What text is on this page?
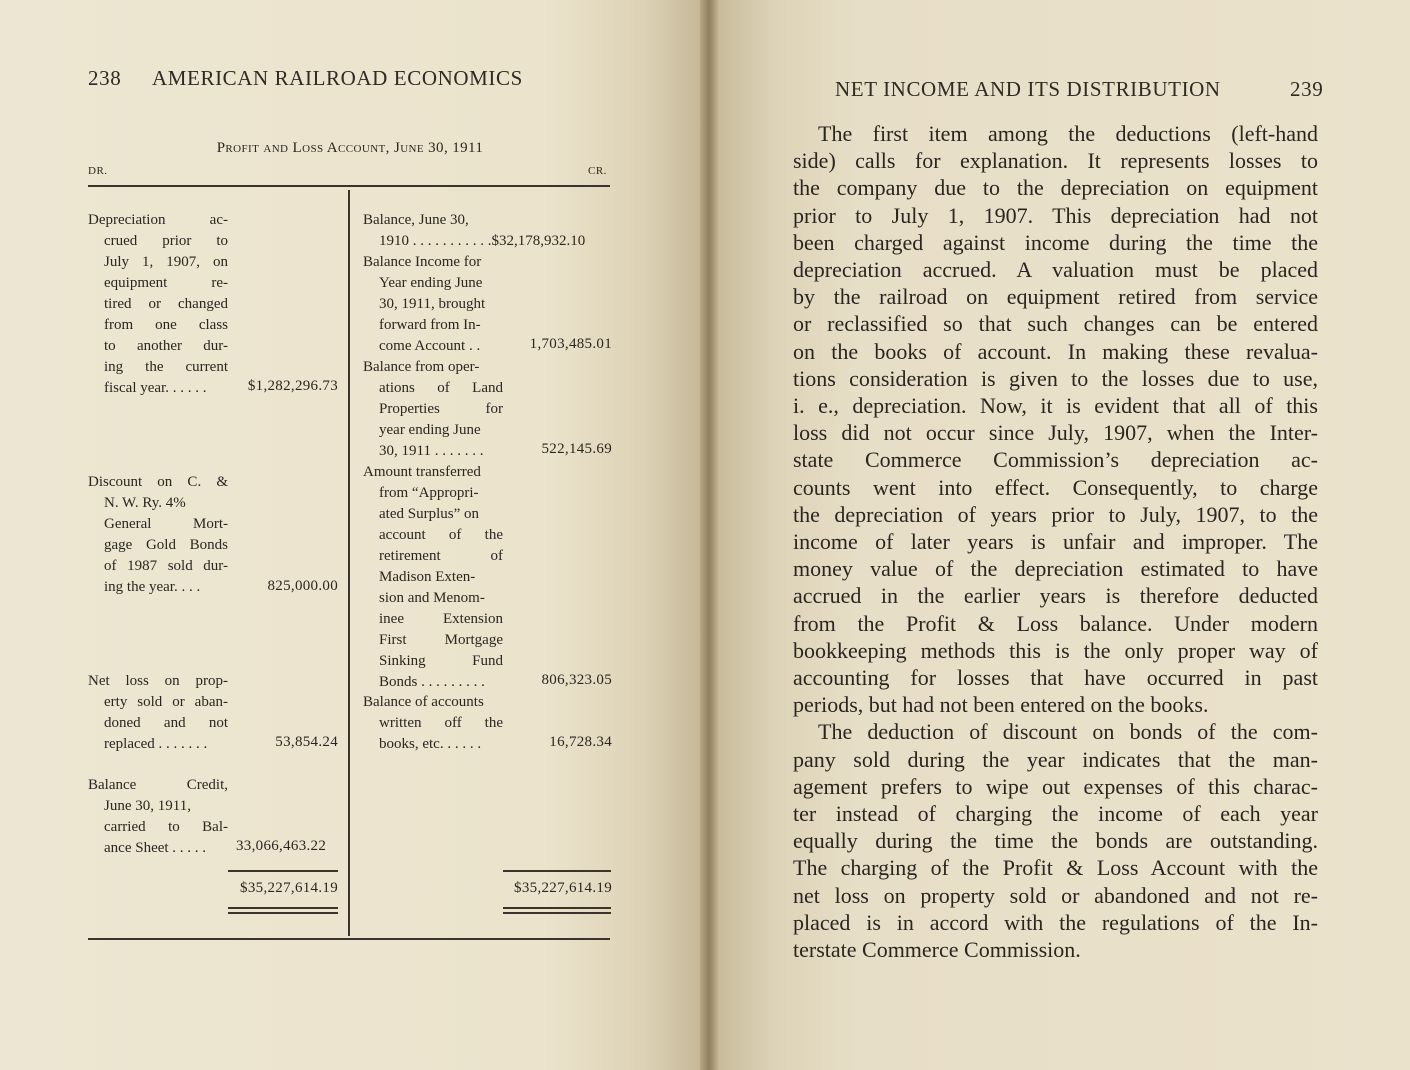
238 AMERICAN RAILROAD ECONOMICS
Profit and Loss Account, June 30, 1911
DR.	CR.
Depreciation ac-
crued prior to
July 1, 1907, on
equipment re-
tired or changed
from one class
to another dur-
ing the current
fiscal year. . . . . .	$1,282,296.73
Discount on C. &
N. W. Ry. 4%
General Mort-
gage Gold Bonds
of 1987 sold dur-
ing the year. . . .	825,000.00
Net loss on prop-
erty sold or aban-
doned and not
replaced . . . . . . .	53,854.24
Balance Credit,
June 30, 1911,
carried to Bal-
ance Sheet . . . . .	33,066,463.22
$35,227,614.19
Balance, June 30,
1910 . . . . . . . . . . .$32,178,932.10
Balance Income for
Year ending June
30, 1911, brought
forward from In-
come Account . .	1,703,485.01
Balance from oper-
ations of Land
Properties for
year ending June
30, 1911 . . . . . . .	522,145.69
Amount transferred
from “Appropri-
ated Surplus” on
account of the
retirement of
Madison Exten-
sion and Menom-
inee Extension
First Mortgage
Sinking Fund
Bonds . . . . . . . . .	806,323.05
Balance of accounts
written off the
books, etc. . . . . .	16,728.34
$35,227,614.19
NET INCOME AND ITS DISTRIBUTION	239
The first item among the deductions (left-hand
side) calls for explanation. It represents losses to
the company due to the depreciation on equipment
prior to July 1, 1907. This depreciation had not
been charged against income during the time the
depreciation accrued. A valuation must be placed
by the railroad on equipment retired from service
or reclassified so that such changes can be entered
on the books of account. In making these revalua-
tions consideration is given to the losses due to use,
i. e., depreciation. Now, it is evident that all of this
loss did not occur since July, 1907, when the Inter-
state Commerce Commission’s depreciation ac-
counts went into effect. Consequently, to charge
the depreciation of years prior to July, 1907, to the
income of later years is unfair and improper. The
money value of the depreciation estimated to have
accrued in the earlier years is therefore deducted
from the Profit & Loss balance. Under modern
bookkeeping methods this is the only proper way of
accounting for losses that have occurred in past
periods, but had not been entered on the books.
The deduction of discount on bonds of the com-
pany sold during the year indicates that the man-
agement prefers to wipe out expenses of this charac-
ter instead of charging the income of each year
equally during the time the bonds are outstanding.
The charging of the Profit & Loss Account with the
net loss on property sold or abandoned and not re-
placed is in accord with the regulations of the In-
terstate Commerce Commission.
